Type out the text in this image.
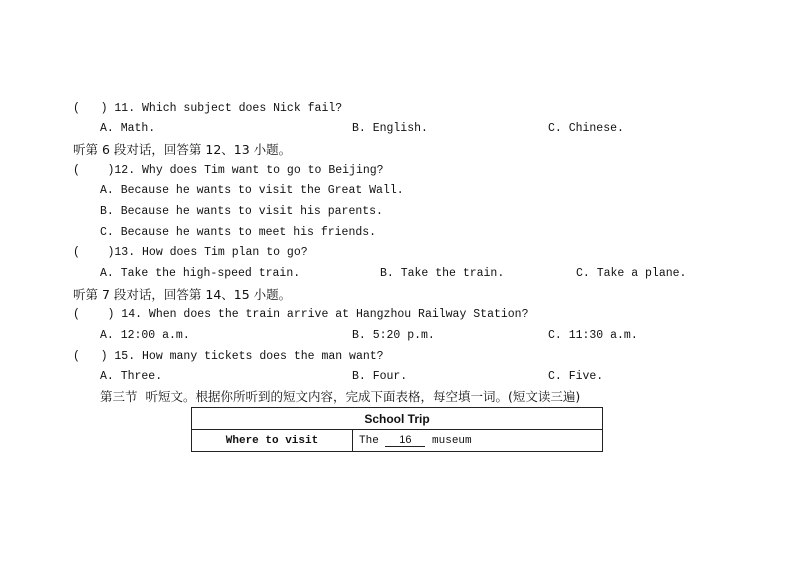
(   ) 11. Which subject does Nick fail?
A. Math.	B. English.	C. Chinese.
听第 6 段对话，回答第 12、13 小题。
(    )12. Why does Tim want to go to Beijing?
A. Because he wants to visit the Great Wall.
B. Because he wants to visit his parents.
C. Because he wants to meet his friends.
(    )13. How does Tim plan to go?
A. Take the high-speed train.	B. Take the train.	C. Take a plane.
听第 7 段对话，回答第 14、15 小题。
(    ) 14. When does the train arrive at Hangzhou Railway Station?
A. 12:00 a.m.	B. 5:20 p.m.	C. 11:30 a.m.
(   ) 15. How many tickets does the man want?
A. Three.	B. Four.	C. Five.
第三节  听短文。根据你所听到的短文内容，完成下面表格，每空填一词。(短文读三遍)
School Trip
Where to visit	The 16 museum
